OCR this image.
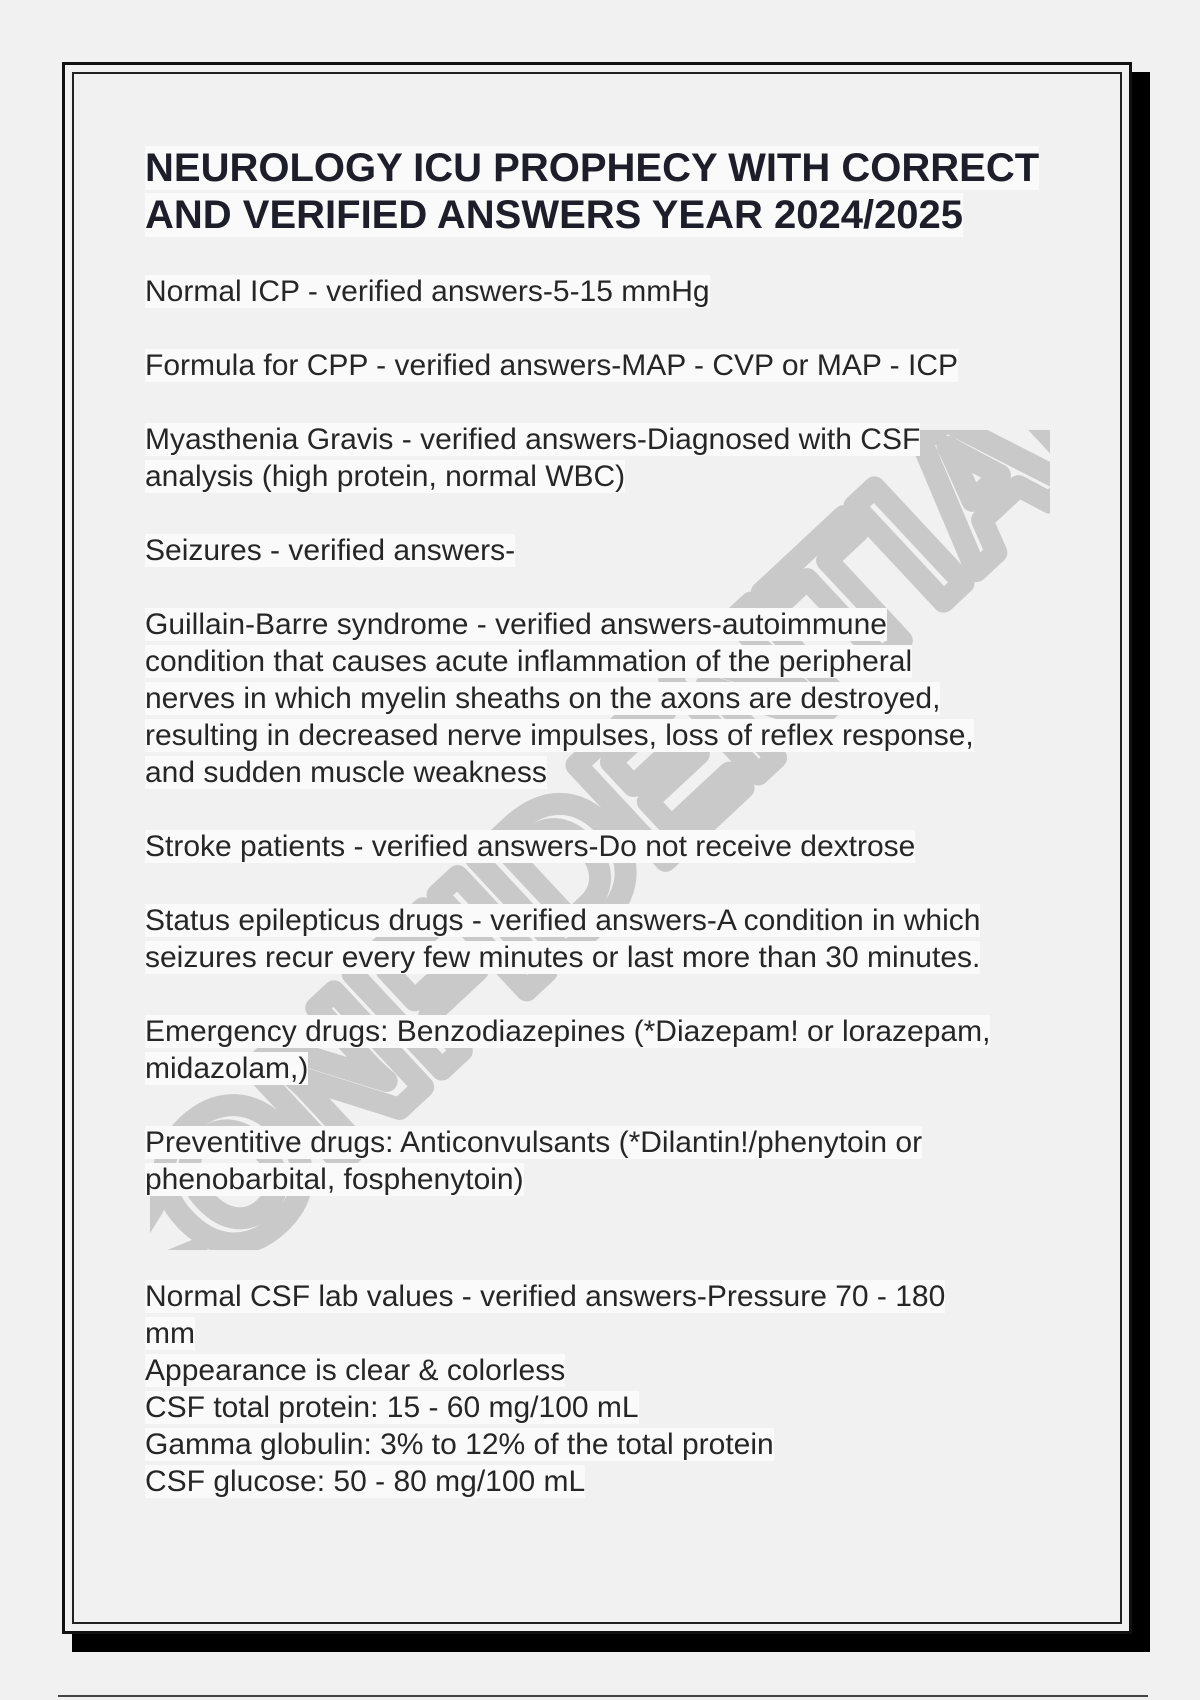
NEUROLOGY ICU PROPHECY WITH CORRECT
AND VERIFIED ANSWERS YEAR 2024/2025

Normal ICP - verified answers-5-15 mmHg

Formula for CPP - verified answers-MAP - CVP or MAP - ICP

Myasthenia Gravis - verified answers-Diagnosed with CSF
analysis (high protein, normal WBC)

Seizures - verified answers-

Guillain-Barre syndrome - verified answers-autoimmune
condition that causes acute inflammation of the peripheral
nerves in which myelin sheaths on the axons are destroyed,
resulting in decreased nerve impulses, loss of reflex response,
and sudden muscle weakness

Stroke patients - verified answers-Do not receive dextrose

Status epilepticus drugs - verified answers-A condition in which
seizures recur every few minutes or last more than 30 minutes.

Emergency drugs: Benzodiazepines (*Diazepam! or lorazepam,
midazolam,)

Preventitive drugs: Anticonvulsants (*Dilantin!/phenytoin or
phenobarbital, fosphenytoin)

Normal CSF lab values - verified answers-Pressure 70 - 180
mm
Appearance is clear & colorless
CSF total protein: 15 - 60 mg/100 mL
Gamma globulin: 3% to 12% of the total protein
CSF glucose: 50 - 80 mg/100 mL
